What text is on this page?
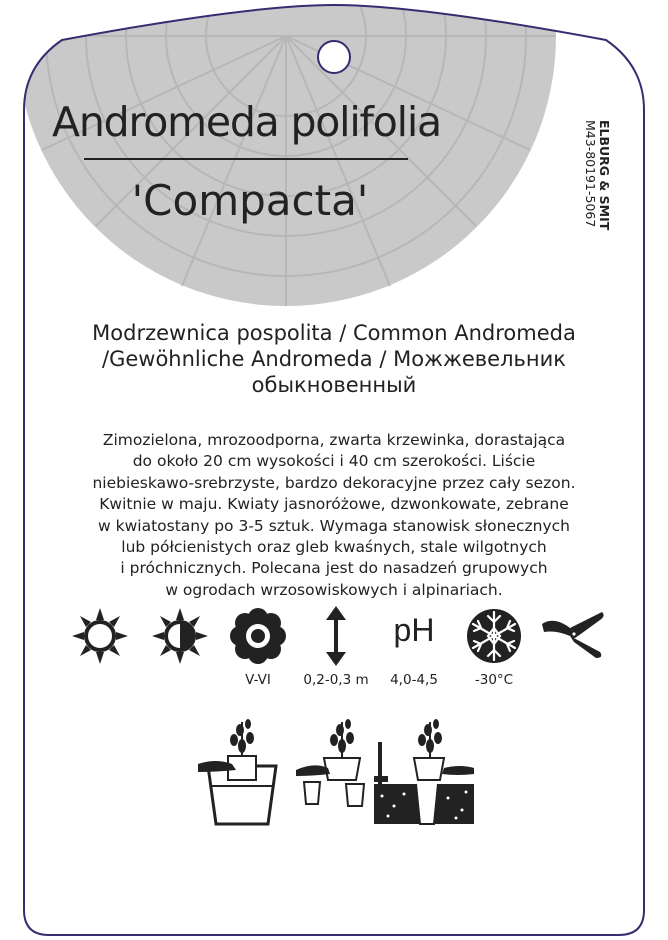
Andromeda polifolia
'Compacta'	M43-80191-5067 ELBURG & SMIT
Modrzewnica pospolita / Common Andromeda
/Gewöhnliche Andromeda / Можжевельник
обыкновенный
Zimozielona, mrozoodporna, zwarta krzewinka, dorastająca
do około 20 cm wysokości i 40 cm szerokości. Liście
niebieskawo-srebrzyste, bardzo dekoracyjne przez cały sezon.
Kwitnie w maju. Kwiaty jasnoróżowe, dzwonkowate, zebrane
w kwiatostany po 3-5 sztuk. Wymaga stanowisk słonecznych
lub półcienistych oraz gleb kwaśnych, stale wilgotnych
i próchnicznych. Polecana jest do nasadzeń grupowych
w ogrodach wrzosowiskowych i alpinariach.
pH
V-VI	0,2-0,3 m	4,0-4,5	-30°C
